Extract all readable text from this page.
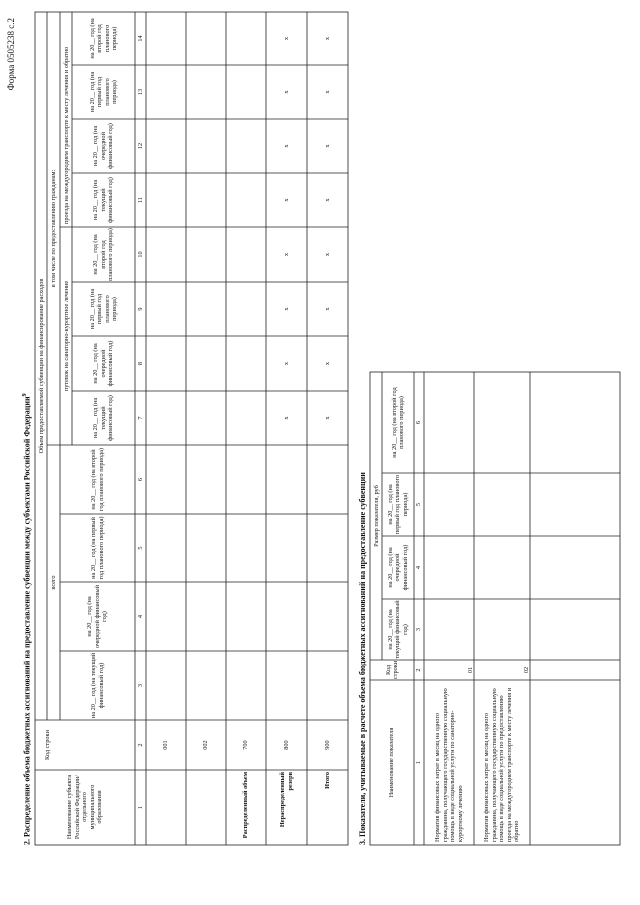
Форма 0505238 с.2
2. Распределение объема бюджетных ассигнований на предоставление субвенции между субъектами Российской Федерации$^9$
Наименование субъекта Российской Федерации/ отдельного муниципального образования
Код строки
Объем предоставляемой субвенции на финансирование расходов
всего
в том числе по предоставлению гражданам:
путевок на санаторно-курортное лечение
проезда на междугороднем транспорте к месту лечения и обратно
на 20__ год (на текущий финансовый год)
на 20__ год (на очередной финансовый год)
на 20__ год (на первый год планового периода)
на 20__ год (на второй год планового периода)
на 20__ год (на текущий финансовый год)
на 20__ год (на очередной финансовый год)
на 20__ год (на первый год планового периода)
на 20__ год (на второй год планового периода)
на 20__ год (на текущий финансовый год)
на 20__ год (на очередной финансовый год)
на 20__ год (на первый год планового периода)
на 20__ год (на второй год планового периода)
1
2
3
4
5
6
7
8
9
10
11
12
13
14
001	002
Распределенный объем
700
Нераспределенный резерв
800
Итого
900
x
x
x
x
x
x
x
x
x
x
x
x
x
x
x
x
3. Показатели, учитываемые в расчете объема бюджетных ассигнований на предоставление субвенции	Наименование показателя
Код строки
Размер показателя, руб
на 20__ год (на текущий финансовый год)
на 20__ год (на очередной финансовый год)
на 20__ год (на первый год планового периода)
на 20__ год (на второй год планового периода)
1
2
3
4
5
6
Норматив финансовых затрат в месяц на одного гражданина, получающего государственную социальную помощь в виде социальной услуги по санаторно-курортному лечению
01
Норматив финансовых затрат в месяц на одного гражданина, получающего государственную социальную помощь в виде социальной услуги по предоставлению проезда на междугороднем транспорте к месту лечения и обратно
02
